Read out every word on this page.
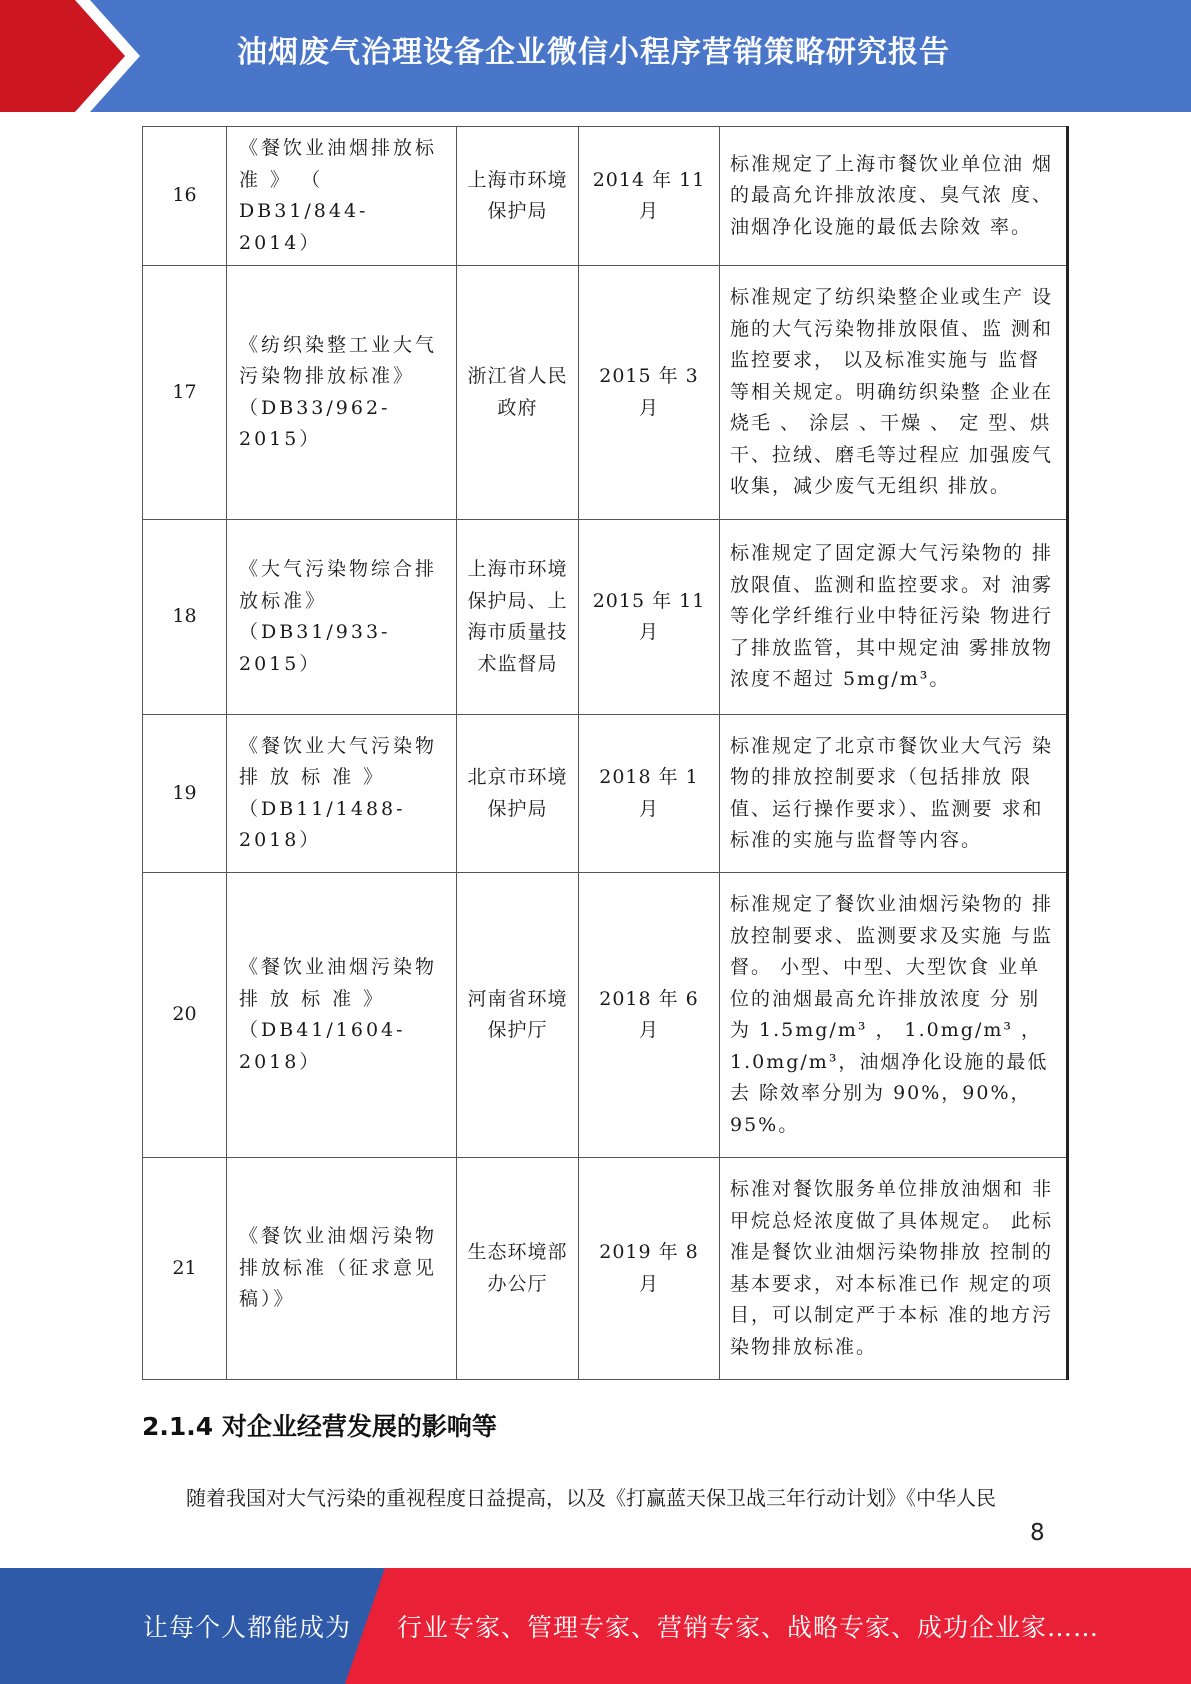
油烟废气治理设备企业微信小程序营销策略研究报告
16	《餐饮业油烟排放标 准 》 （ DB31/844- 2014）	上海市环境保护局	2014 年 11 月	标准规定了上海市餐饮业单位油 烟的最高允许排放浓度、臭气浓 度、油烟净化设施的最低去除效 率。
17	《纺织染整工业大气 污染物排放标准》（DB33/962-2015）	浙江省人民政府	2015 年 3 月	标准规定了纺织染整企业或生产 设施的大气污染物排放限值、监 测和监控要求， 以及标准实施与 监督等相关规定。明确纺织染整 企业在烧毛 、 涂层 、干燥 、 定 型、烘干、拉绒、磨毛等过程应 加强废气收集，减少废气无组织 排放。
18	《大气污染物综合排 放标准》（DB31/933- 2015）	上海市环境保护局、上海市质量技术监督局	2015 年 11 月	标准规定了固定源大气污染物的 排放限值、监测和监控要求。对 油雾等化学纤维行业中特征污染 物进行了排放监管，其中规定油 雾排放物浓度不超过 5mg/m³。
19	《餐饮业大气污染物 排 放 标 准 》（DB11/1488-2018）	北京市环境保护局	2018 年 1 月	标准规定了北京市餐饮业大气污 染物的排放控制要求（包括排放 限值、运行操作要求）、监测要 求和标准的实施与监督等内容。
20	《餐饮业油烟污染物 排 放 标 准 》（DB41/1604-2018）	河南省环境保护厅	2018 年 6 月	标准规定了餐饮业油烟污染物的 排放控制要求、监测要求及实施 与监督。 小型、中型、大型饮食 业单位的油烟最高允许排放浓度 分 别 为 1.5mg/m³ ， 1.0mg/m³ ，1.0mg/m³，油烟净化设施的最低去 除效率分别为 90%，90%，95%。
21	《餐饮业油烟污染物 排放标准（征求意见 稿）》	生态环境部办公厅	2019 年 8 月	标准对餐饮服务单位排放油烟和 非甲烷总烃浓度做了具体规定。 此标准是餐饮业油烟污染物排放 控制的基本要求，对本标准已作 规定的项目，可以制定严于本标 准的地方污染物排放标准。
2.1.4 对企业经营发展的影响等
随着我国对大气污染的重视程度日益提高，以及《打赢蓝天保卫战三年行动计划》《中华人民
8
让每个人都能成为 行业专家、管理专家、营销专家、战略专家、成功企业家……
